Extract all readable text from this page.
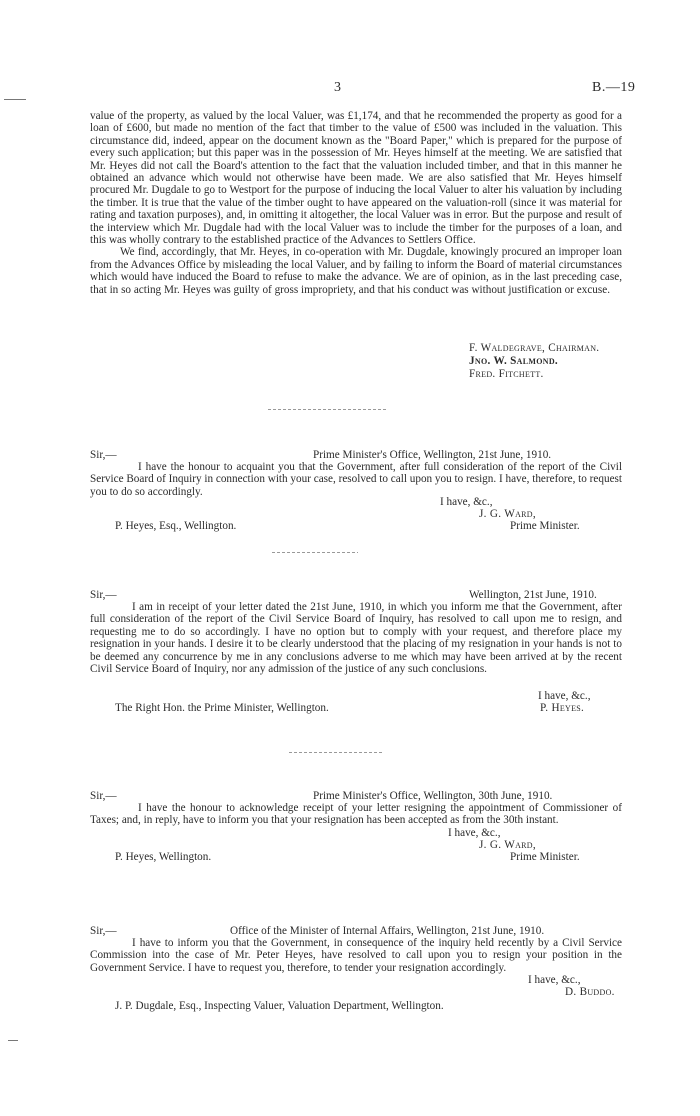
3	B.—19

value of the property, as valued by the local Valuer, was £1,174, and that he recommended the property as good for a loan of £600, but made no mention of the fact that timber to the value of £500 was included in the valuation. This circumstance did, indeed, appear on the document known as the "Board Paper," which is prepared for the purpose of every such application; but this paper was in the possession of Mr. Heyes himself at the meeting. We are satisfied that Mr. Heyes did not call the Board's attention to the fact that the valuation included timber, and that in this manner he obtained an advance which would not otherwise have been made. We are also satisfied that Mr. Heyes himself procured Mr. Dugdale to go to Westport for the purpose of inducing the local Valuer to alter his valuation by including the timber. It is true that the value of the timber ought to have appeared on the valuation-roll (since it was material for rating and taxation purposes), and, in omitting it altogether, the local Valuer was in error. But the purpose and result of the interview which Mr. Dugdale had with the local Valuer was to include the timber for the purposes of a loan, and this was wholly contrary to the established practice of the Advances to Settlers Office.

We find, accordingly, that Mr. Heyes, in co-operation with Mr. Dugdale, knowingly procured an improper loan from the Advances Office by misleading the local Valuer, and by failing to inform the Board of material circumstances which would have induced the Board to refuse to make the advance. We are of opinion, as in the last preceding case, that in so acting Mr. Heyes was guilty of gross impropriety, and that his conduct was without justification or excuse.

F. Waldegrave, Chairman.
Jno. W. Salmond.
Fred. Fitchett.
Sir,—	Prime Minister's Office, Wellington, 21st June, 1910.
I have the honour to acquaint you that the Government, after full consideration of the report of the Civil Service Board of Inquiry in connection with your case, resolved to call upon you to resign. I have, therefore, to request you to do so accordingly.
I have, &c.,
J. G. Ward,
P. Heyes, Esq., Wellington.	Prime Minister.
Sir,—	Wellington, 21st June, 1910.
I am in receipt of your letter dated the 21st June, 1910, in which you inform me that the Government, after full consideration of the report of the Civil Service Board of Inquiry, has resolved to call upon me to resign, and requesting me to do so accordingly. I have no option but to comply with your request, and therefore place my resignation in your hands. I desire it to be clearly understood that the placing of my resignation in your hands is not to be deemed any concurrence by me in any conclusions adverse to me which may have been arrived at by the recent Civil Service Board of Inquiry, nor any admission of the justice of any such conclusions.
I have, &c.,
The Right Hon. the Prime Minister, Wellington.	P. Heyes.
Sir,—	Prime Minister's Office, Wellington, 30th June, 1910.
I have the honour to acknowledge receipt of your letter resigning the appointment of Commissioner of Taxes; and, in reply, have to inform you that your resignation has been accepted as from the 30th instant.
I have, &c.,
J. G. Ward,
P. Heyes, Wellington.	Prime Minister.
Sir,—	Office of the Minister of Internal Affairs, Wellington, 21st June, 1910.
I have to inform you that the Government, in consequence of the inquiry held recently by a Civil Service Commission into the case of Mr. Peter Heyes, have resolved to call upon you to resign your position in the Government Service. I have to request you, therefore, to tender your resignation accordingly.
I have, &c.,
D. Buddo.
J. P. Dugdale, Esq., Inspecting Valuer, Valuation Department, Wellington.
